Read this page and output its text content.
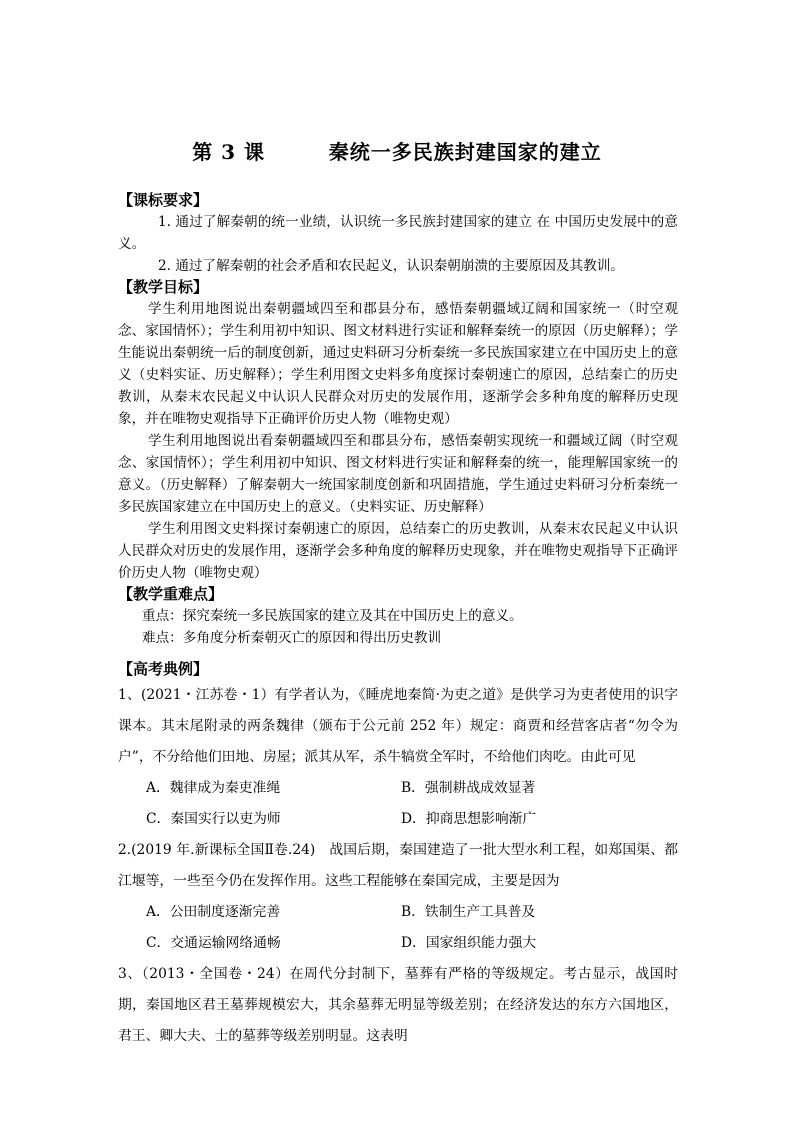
第 3 课        秦统一多民族封建国家的建立

【课标要求】

1. 通过了解秦朝的统一业绩，认识统一多民族封建国家的建立 在 中国历史发展中的意义。

2. 通过了解秦朝的社会矛盾和农民起义，认识秦朝崩溃的主要原因及其教训。

【教学目标】

学生利用地图说出秦朝疆域四至和郡县分布，感悟秦朝疆域辽阔和国家统一（时空观念、家国情怀）；学生利用初中知识、图文材料进行实证和解释秦统一的原因（历史解释）；学生能说出秦朝统一后的制度创新，通过史料研习分析秦统一多民族国家建立在中国历史上的意义（史料实证、历史解释）；学生利用图文史料多角度探讨秦朝速亡的原因，总结秦亡的历史教训，从秦末农民起义中认识人民群众对历史的发展作用，逐渐学会多种角度的解释历史现象，并在唯物史观指导下正确评价历史人物（唯物史观）

学生利用地图说出看秦朝疆域四至和郡县分布，感悟秦朝实现统一和疆域辽阔（时空观念、家国情怀）；学生利用初中知识、图文材料进行实证和解释秦的统一，能理解国家统一的意义。（历史解释）了解秦朝大一统国家制度创新和巩固措施，学生通过史料研习分析秦统一多民族国家建立在中国历史上的意义。（史料实证、历史解释）

学生利用图文史料探讨秦朝速亡的原因，总结秦亡的历史教训，从秦末农民起义中认识人民群众对历史的发展作用，逐渐学会多种角度的解释历史现象，并在唯物史观指导下正确评价历史人物（唯物史观）

【教学重难点】

重点：探究秦统一多民族国家的建立及其在中国历史上的意义。

难点：多角度分析秦朝灭亡的原因和得出历史教训

【高考典例】

1、(2021・江苏卷・1）有学者认为，《睡虎地秦简·为吏之道》是供学习为吏者使用的识字课本。其末尾附录的两条魏律（颁布于公元前 252 年）规定：商贾和经营客店者“勿令为户”，不分给他们田地、房屋；派其从军，杀牛犒赏全军时，不给他们肉吃。由此可见

A．魏律成为秦吏准绳	B．强制耕战成效显著
C．秦国实行以吏为师	D．抑商思想影响渐广

2.(2019 年.新课标全国Ⅱ卷.24)　战国后期，秦国建造了一批大型水利工程，如郑国渠、都江堰等，一些至今仍在发挥作用。这些工程能够在秦国完成，主要是因为

A．公田制度逐渐完善	B．铁制生产工具普及
C．交通运输网络通畅	D．国家组织能力强大

3、（2013・全国卷・24）在周代分封制下，墓葬有严格的等级规定。考古显示，战国时期，秦国地区君王墓葬规模宏大，其余墓葬无明显等级差别；在经济发达的东方六国地区，君王、卿大夫、士的墓葬等级差别明显。这表明
